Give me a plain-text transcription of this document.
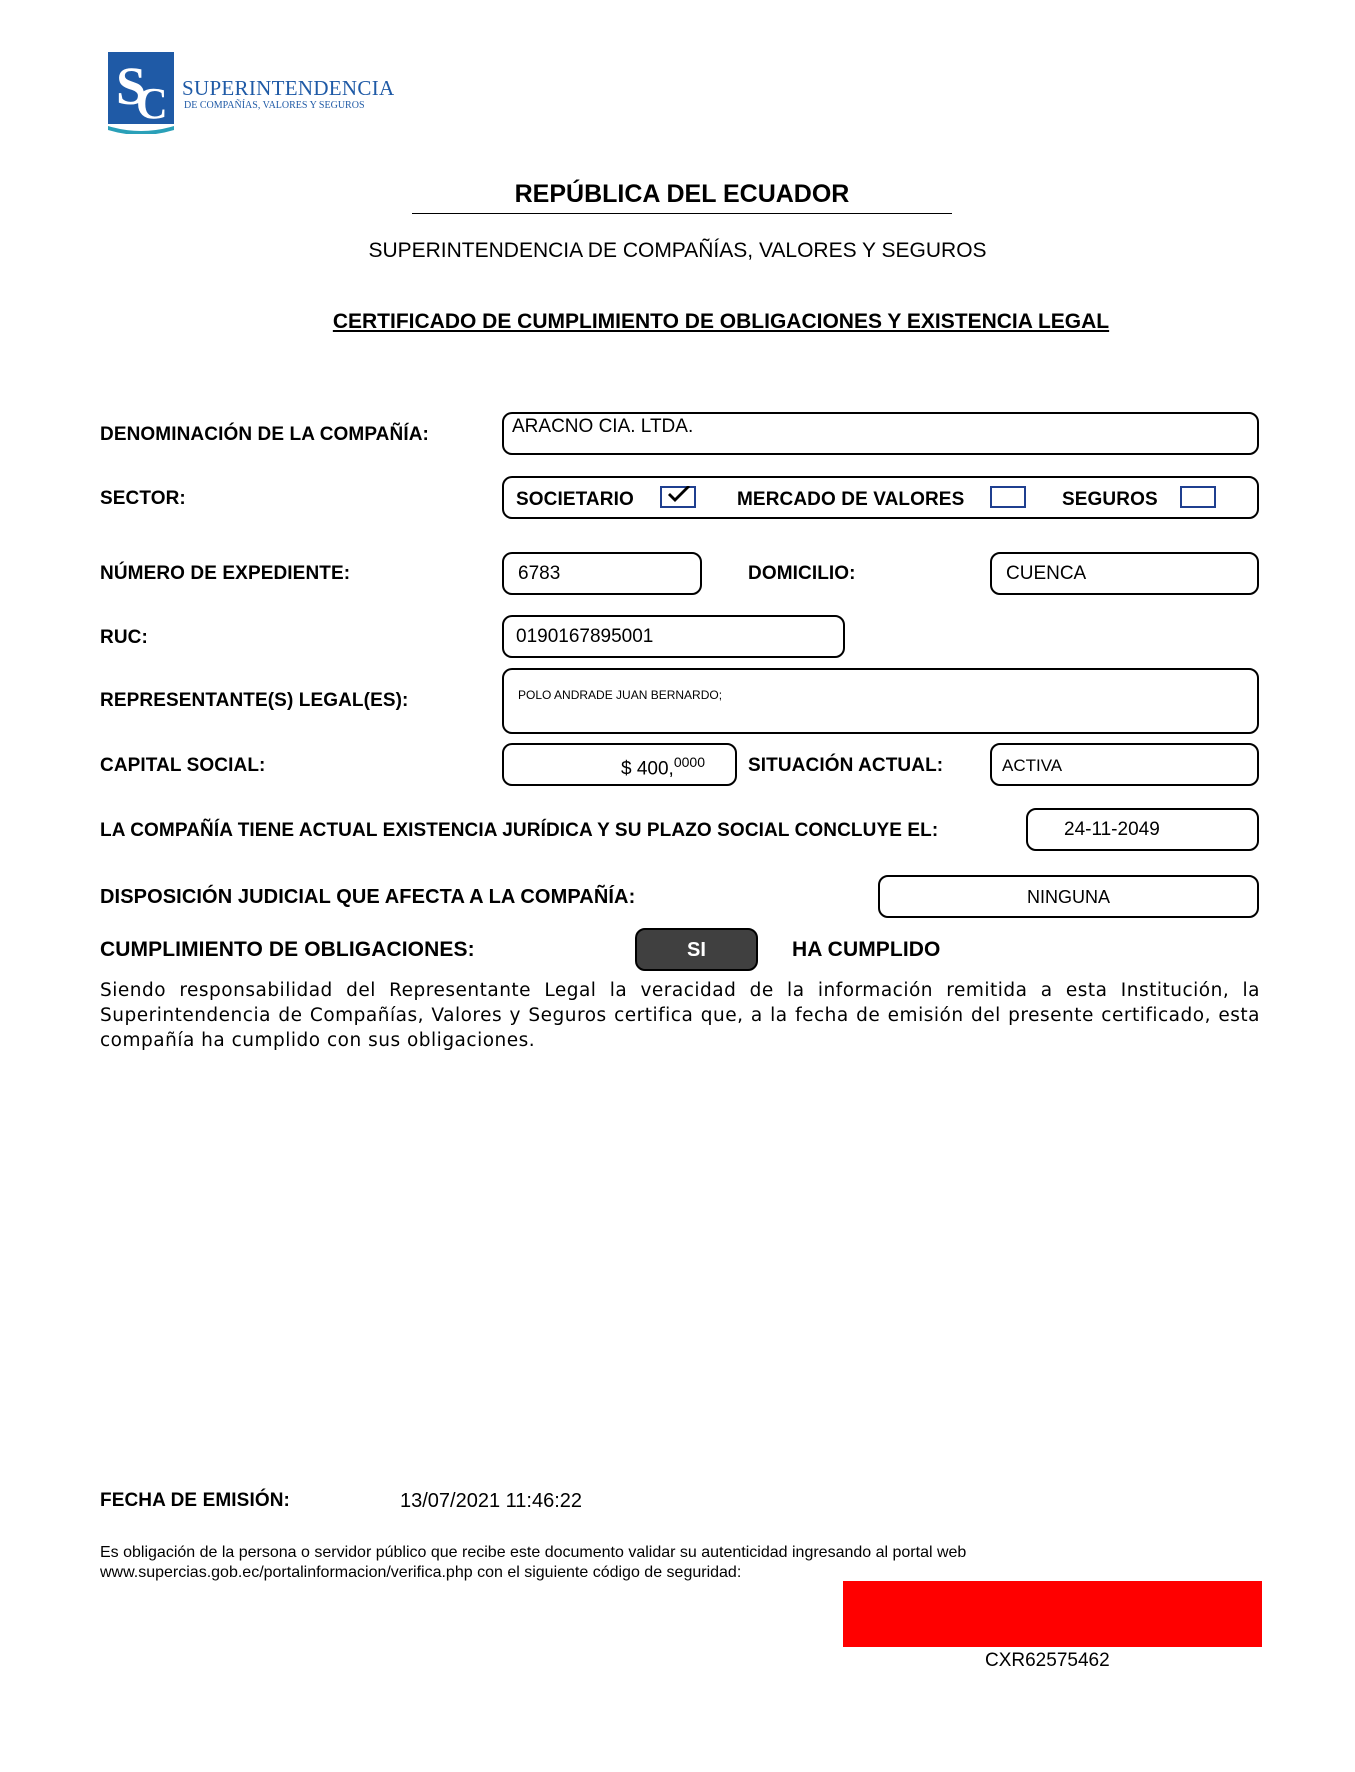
S
C SUPERINTENDENCIA
DE COMPAÑÍAS, VALORES Y SEGUROS
REPÚBLICA DEL ECUADOR
SUPERINTENDENCIA DE COMPAÑÍAS, VALORES Y SEGUROS
CERTIFICADO DE CUMPLIMIENTO DE OBLIGACIONES Y EXISTENCIA LEGAL
DENOMINACIÓN DE LA COMPAÑÍA:	ARACNO CIA. LTDA.
SECTOR:	SOCIETARIO	MERCADO DE VALORES	SEGUROS
NÚMERO DE EXPEDIENTE:	6783	DOMICILIO:	CUENCA
RUC:	0190167895001
REPRESENTANTE(S) LEGAL(ES):	POLO ANDRADE JUAN BERNARDO;
CAPITAL SOCIAL:	$ 400,$^{0000}$ SITUACIÓN ACTUAL:	ACTIVA
LA COMPAÑÍA TIENE ACTUAL EXISTENCIA JURÍDICA Y SU PLAZO SOCIAL CONCLUYE EL:	24-11-2049
DISPOSICIÓN JUDICIAL QUE AFECTA A LA COMPAÑÍA:	NINGUNA
CUMPLIMIENTO DE OBLIGACIONES:	SI	HA CUMPLIDO
Siendo responsabilidad del Representante Legal la veracidad de la información remitida a esta Institución, la Superintendencia de Compañías, Valores y Seguros certifica que, a la fecha de emisión del presente certificado, esta compañía ha cumplido con sus obligaciones.
FECHA DE EMISIÓN:	13/07/2021 11:46:22
Es obligación de la persona o servidor público que recibe este documento validar su autenticidad ingresando al portal web
www.supercias.gob.ec/portalinformacion/verifica.php con el siguiente código de seguridad:
CXR62575462
